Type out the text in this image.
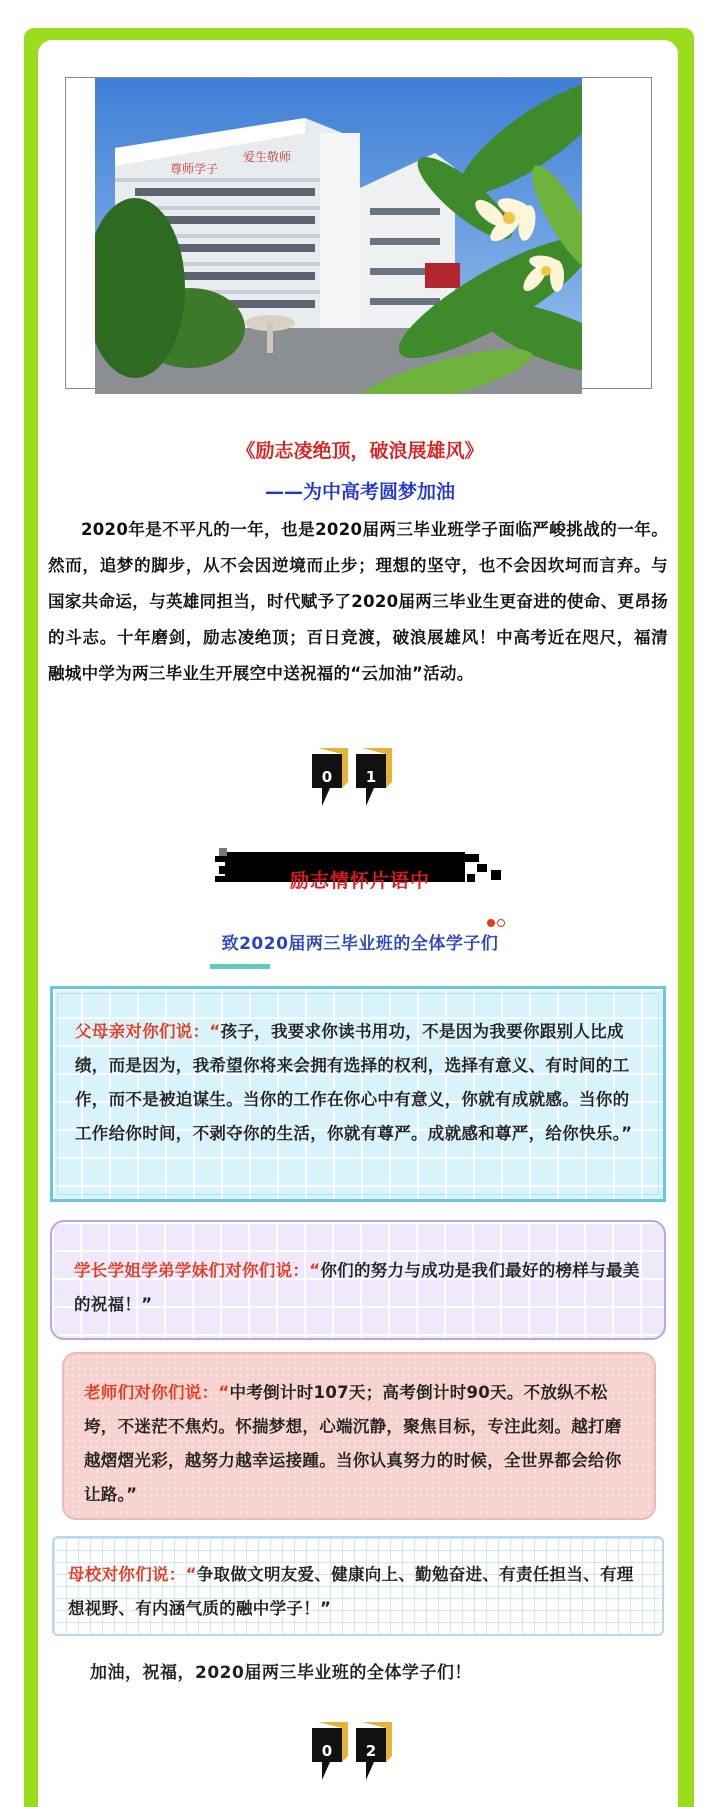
尊师学子
爱生敬师
《励志凌绝顶，破浪展雄风》
——为中高考圆梦加油
2020年是不平凡的一年，也是2020届两三毕业班学子面临严峻挑战的一年。然而，追梦的脚步，从不会因逆境而止步；理想的坚守，也不会因坎坷而言弃。与国家共命运，与英雄同担当，时代赋予了2020届两三毕业生更奋进的使命、更昂扬的斗志。十年磨剑，励志凌绝顶；百日竞渡，破浪展雄风！中高考近在咫尺，福清融城中学为两三毕业生开展空中送祝福的“云加油”活动。
0	1
励志情怀片语中
致2020届两三毕业班的全体学子们
父母亲对你们说：“孩子，我要求你读书用功，不是因为我要你跟别人比成绩，而是因为，我希望你将来会拥有选择的权利，选择有意义、有时间的工作，而不是被迫谋生。当你的工作在你心中有意义，你就有成就感。当你的工作给你时间，不剥夺你的生活，你就有尊严。成就感和尊严，给你快乐。”
学长学姐学弟学妹们对你们说：“你们的努力与成功是我们最好的榜样与最美的祝福！”
老师们对你们说：“中考倒计时107天；高考倒计时90天。不放纵不松垮，不迷茫不焦灼。怀揣梦想，心端沉静，聚焦目标，专注此刻。越打磨越熠熠光彩，越努力越幸运接踵。当你认真努力的时候，全世界都会给你让路。”
母校对你们说：“争取做文明友爱、健康向上、勤勉奋进、有责任担当、有理想视野、有内涵气质的融中学子！”
加油，祝福，2020届两三毕业班的全体学子们！
0	2
